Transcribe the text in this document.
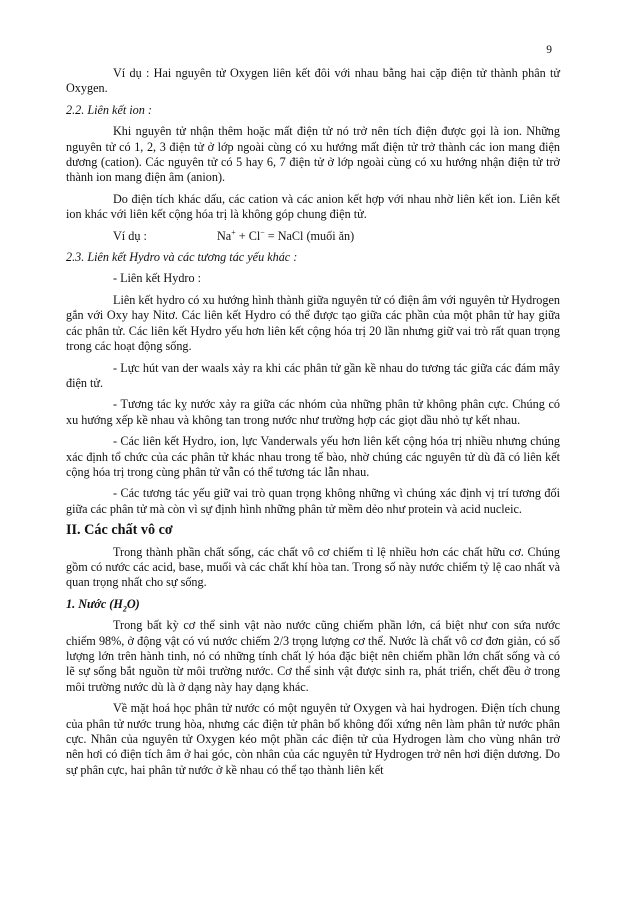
9

Ví dụ : Hai nguyên tử Oxygen liên kết đôi với nhau bằng hai cặp điện tử thành phân tử Oxygen.

2.2. Liên kết ion :

Khi nguyên tử nhận thêm hoặc mất điện tử nó trở nên tích điện được gọi là ion. Những nguyên tử có 1, 2, 3 điện tử ở lớp ngoài cùng có xu hướng mất điện tử trở thành các ion mang điện dương (cation). Các nguyên tử có 5 hay 6, 7 điện tử ở lớp ngoài cùng có xu hướng nhận điện tử trở thành ion mang điện âm (anion).

Do điện tích khác dấu, các cation và các anion kết hợp với nhau nhờ liên kết ion. Liên kết ion khác với liên kết cộng hóa trị là không góp chung điện tử.

Ví dụ :	Na+ + Cl− = NaCl (muối ăn)

2.3. Liên kết Hydro và các tương tác yếu khác :

- Liên kết Hydro :

Liên kết hydro có xu hướng hình thành giữa nguyên tử có điện âm với nguyên tử Hydrogen gắn với Oxy hay Nitơ. Các liên kết Hydro có thể được tạo giữa các phần của một phân tử hay giữa các phân tử. Các liên kết Hydro yếu hơn liên kết cộng hóa trị 20 lần nhưng giữ vai trò rất quan trọng trong các hoạt động sống.

- Lực hút van der waals xảy ra khi các phân tử gần kề nhau do tương tác giữa các đám mây điện tử.

- Tương tác kỵ nước xảy ra giữa các nhóm của những phân tử không phân cực. Chúng có xu hướng xếp kề nhau và không tan trong nước như trường hợp các giọt dầu nhỏ tự kết nhau.

- Các liên kết Hydro, ion, lực Vanderwals yếu hơn liên kết cộng hóa trị nhiều nhưng chúng xác định tổ chức của các phân tử khác nhau trong tế bào, nhờ chúng các nguyên tử dù đã có liên kết cộng hóa trị trong cùng phân tử vẫn có thể tương tác lẫn nhau.

- Các tương tác yếu giữ vai trò quan trọng không những vì chúng xác định vị trí tương đối giữa các phân tử mà còn vì sự định hình những phân tử mềm dẻo như protein và acid nucleic.

II. Các chất vô cơ

Trong thành phần chất sống, các chất vô cơ chiếm tỉ lệ nhiều hơn các chất hữu cơ. Chúng gồm có nước các acid, base, muối và các chất khí hòa tan. Trong số này nước chiếm tỷ lệ cao nhất và quan trọng nhất cho sự sống.

1. Nước $(H_2O)$

Trong bất kỳ cơ thể sinh vật nào nước cũng chiếm phần lớn, cá biệt như con sứa nước chiếm 98%, ở động vật có vú nước chiếm 2/3 trọng lượng cơ thể. Nước là chất vô cơ đơn giản, có số lượng lớn trên hành tinh, nó có những tính chất lý hóa đặc biệt nên chiếm phần lớn chất sống và có lẽ sự sống bắt nguồn từ môi trường nước. Cơ thể sinh vật được sinh ra, phát triển, chết đều ở trong môi trường nước dù là ở dạng này hay dạng khác.

Về mặt hoá học phân tử nước có một nguyên tử Oxygen và hai hydrogen. Điện tích chung của phân tử nước trung hòa, nhưng các điện tử phân bố không đối xứng nên làm phân tử nước phân cực. Nhân của nguyên tử Oxygen kéo một phần các điện tử của Hydrogen làm cho vùng nhân trở nên hơi có điện tích âm ở hai góc, còn nhân của các nguyên tử Hydrogen trở nên hơi điện dương. Do sự phân cực, hai phân tử nước ở kề nhau có thể tạo thành liên kết
